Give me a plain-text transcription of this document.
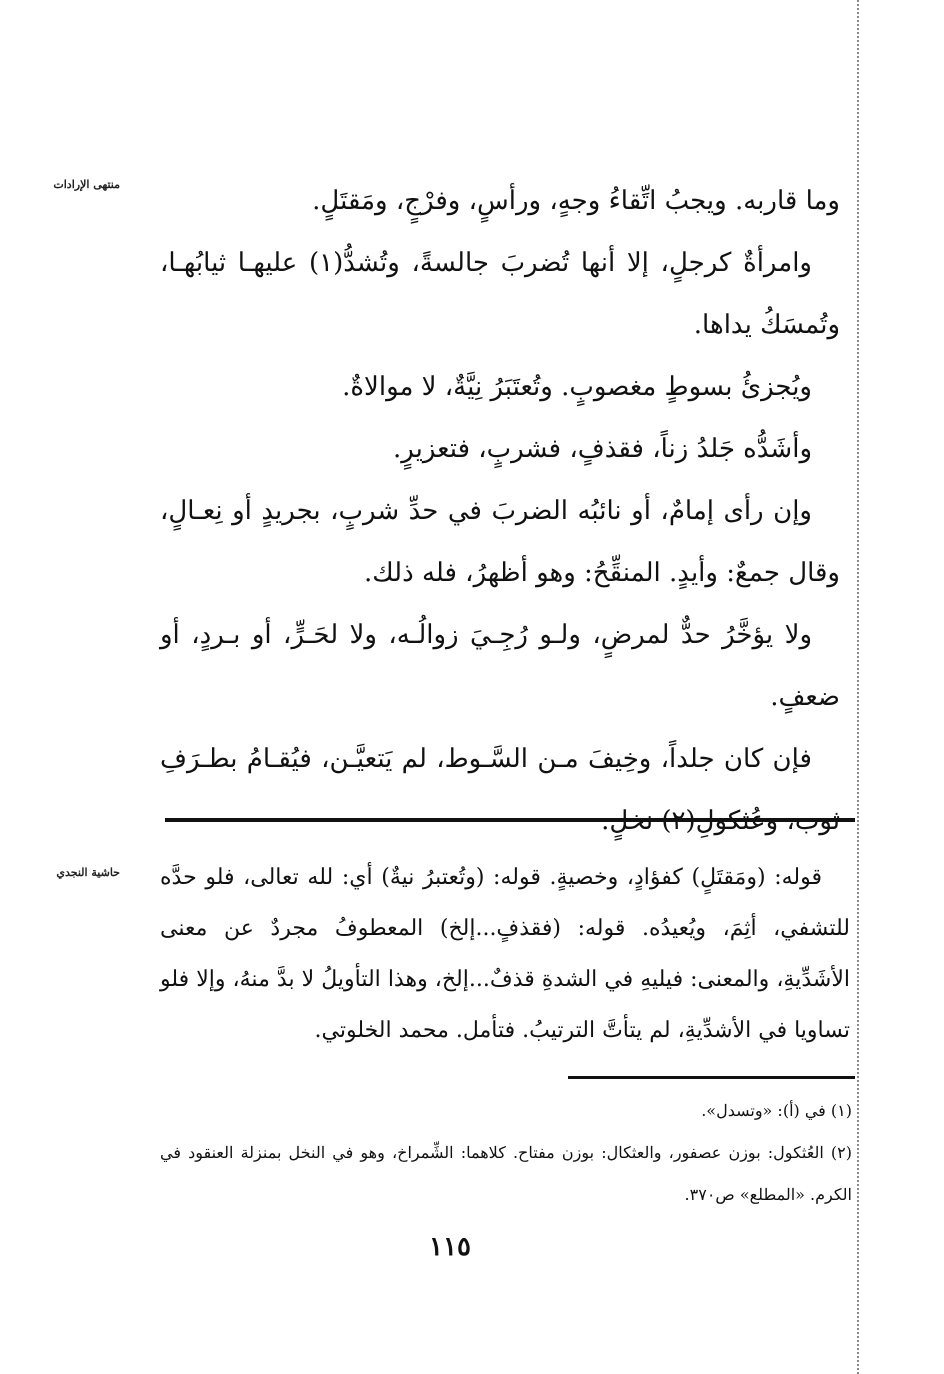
منتهى الإرادات

وما قاربه. ويجبُ اتِّقاءُ وجهٍ، ورأسٍ، وفرْجٍ، ومَقتَلٍ.

وامرأةٌ كرجلٍ، إلا أنها تُضربَ جالسةً، وتُشدُّ(١) عليهـا ثيابُهـا، وتُمسَكُ يداها.

ويُجزئُ بسوطٍ مغصوبٍ. وتُعتَبَرُ نِيَّةٌ، لا موالاةٌ.

وأشَدُّه جَلدُ زناً، فقذفٍ، فشربٍ، فتعزيرٍ.

وإن رأى إمامٌ، أو نائبُه الضربَ في حدِّ شربٍ، بجريدٍ أو نِعـالٍ، وقال جمعٌ: وأيدٍ. المنقِّحُ: وهو أظهرُ، فله ذلك.

ولا يؤخَّرُ حدٌّ لمرضٍ، ولـو رُجِـيَ زوالُـه، ولا لحَـرٍّ، أو بـردٍ، أو ضعفٍ.

فإن كان جلداً، وخِيفَ مـن السَّـوط، لم يَتعيَّـن، فيُقـامُ بطـرَفِ ثوب، وعُثكولِ(٢) نخلٍ.

حاشية النجدي قوله: (ومَقتَلٍ) كفؤادٍ، وخصيةٍ. قوله: (وتُعتبرُ نيةٌ) أي: لله تعالى، فلو حدَّه للتشفي، أثِمَ، ويُعيدُه. قوله: (فقذفٍ...إلخ) المعطوفُ مجردٌ عن معنى الأشَدِّيةِ، والمعنى: فيليهِ في الشدةِ قذفٌ...إلخ، وهذا التأويلُ لا بدَّ منهُ، وإلا فلو تساويا في الأشدِّيةِ، لم يتأتَّ الترتيبُ. فتأمل. محمد الخلوتي.

(١) في (أ): «وتسدل».

(٢) العُثكول: بوزن عصفور، والعثكال: بوزن مفتاح. كلاهما: الشِّمراخ، وهو في النخل بمنزلة العنقود في الكرم. «المطلع» ص٣٧٠.

١١٥
